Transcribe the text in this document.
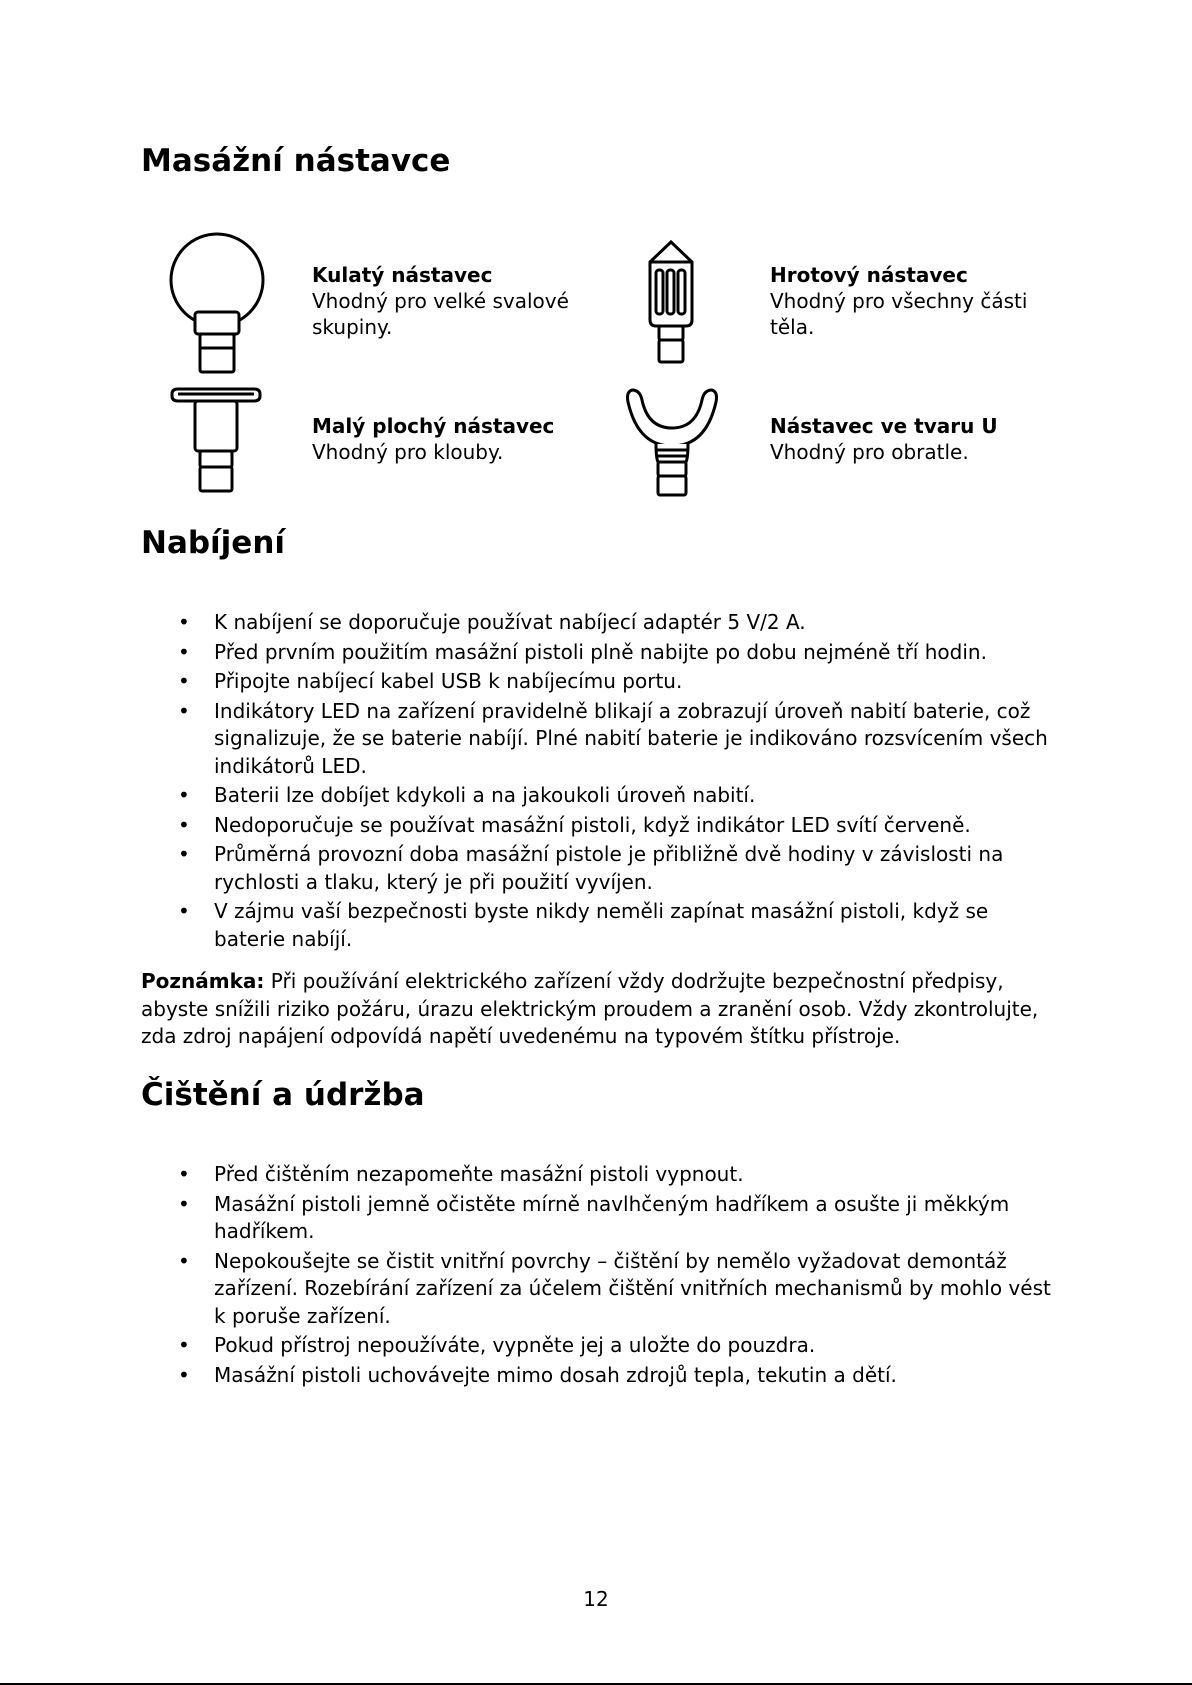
Masážní nástavce
Kulatý nástavec
Vhodný pro velké svalové skupiny.
Hrotový nástavec
Vhodný pro všechny části těla.
Malý plochý nástavec
Vhodný pro klouby.
Nástavec ve tvaru U
Vhodný pro obratle.
Nabíjení
• K nabíjení se doporučuje používat nabíjecí adaptér 5 V/2 A.
• Před prvním použitím masážní pistoli plně nabijte po dobu nejméně tří hodin.
• Připojte nabíjecí kabel USB k nabíjecímu portu.
• Indikátory LED na zařízení pravidelně blikají a zobrazují úroveň nabití baterie, což signalizuje, že se baterie nabíjí. Plné nabití baterie je indikováno rozsvícením všech indikátorů LED.
• Baterii lze dobíjet kdykoli a na jakoukoli úroveň nabití.
• Nedoporučuje se používat masážní pistoli, když indikátor LED svítí červeně.
• Průměrná provozní doba masážní pistole je přibližně dvě hodiny v závislosti na rychlosti a tlaku, který je při použití vyvíjen.
• V zájmu vaší bezpečnosti byste nikdy neměli zapínat masážní pistoli, když se baterie nabíjí.

Poznámka: Při používání elektrického zařízení vždy dodržujte bezpečnostní předpisy, abyste snížili riziko požáru, úrazu elektrickým proudem a zranění osob. Vždy zkontrolujte, zda zdroj napájení odpovídá napětí uvedenému na typovém štítku přístroje.

Čištění a údržba
• Před čištěním nezapomeňte masážní pistoli vypnout.
• Masážní pistoli jemně očistěte mírně navlhčeným hadříkem a osušte ji měkkým hadříkem.
• Nepokoušejte se čistit vnitřní povrchy – čištění by nemělo vyžadovat demontáž zařízení. Rozebírání zařízení za účelem čištění vnitřních mechanismů by mohlo vést k poruše zařízení.
• Pokud přístroj nepoužíváte, vypněte jej a uložte do pouzdra.
• Masážní pistoli uchovávejte mimo dosah zdrojů tepla, tekutin a dětí.
12
